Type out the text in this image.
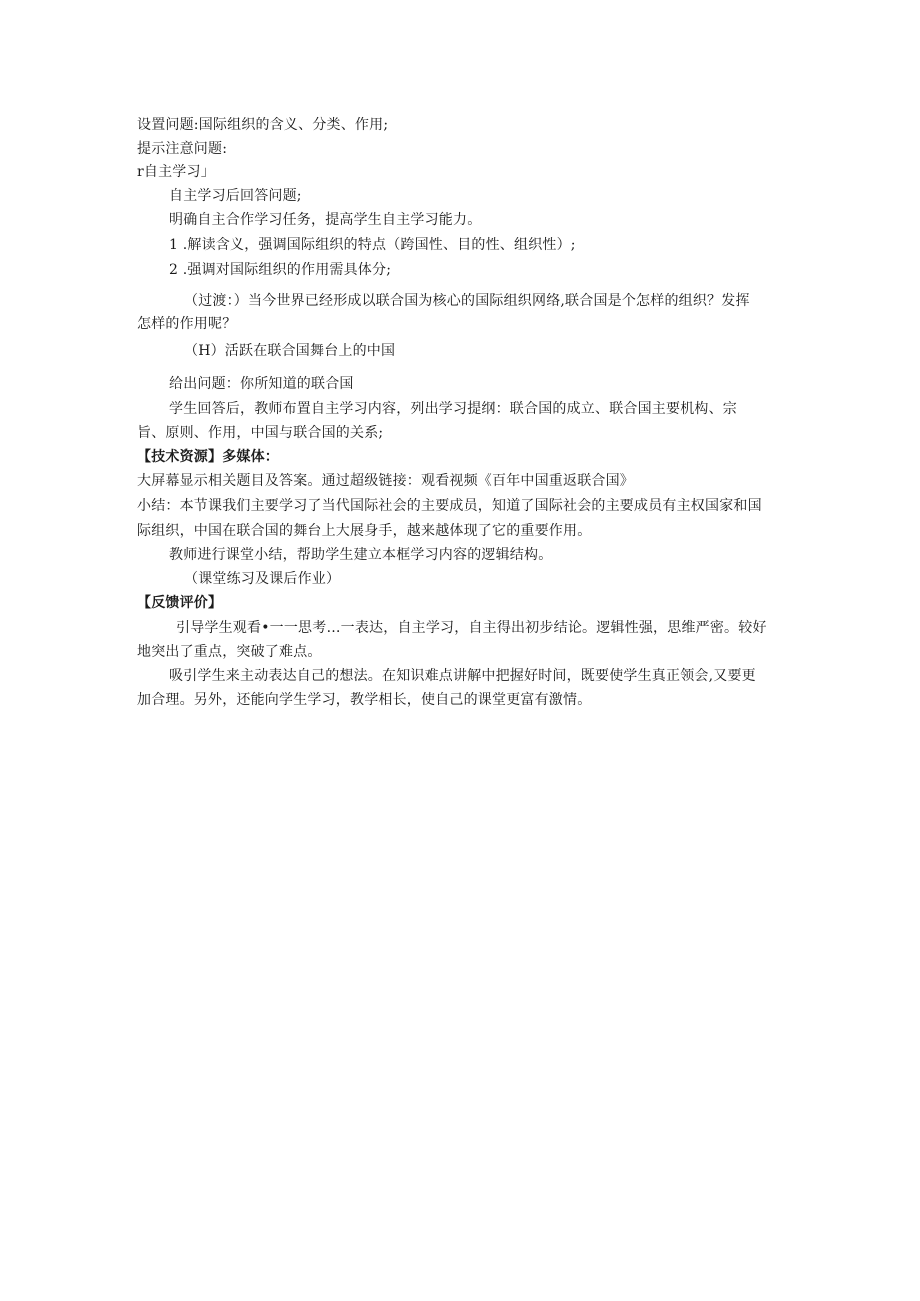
设置问题:国际组织的含义、分类、作用;
提示注意问题:
r自主学习」
自主学习后回答问题;
明确自主合作学习任务，提高学生自主学习能力。
1 .解读含义，强调国际组织的特点（跨国性、目的性、组织性）;
2 .强调对国际组织的作用需具体分;
（过渡：）当今世界已经形成以联合国为核心的国际组织网络,联合国是个怎样的组织？发挥
怎样的作用呢？
（H）活跃在联合国舞台上的中国
给出问题：你所知道的联合国
学生回答后，教师布置自主学习内容，列出学习提纲：联合国的成立、联合国主要机构、宗
旨、原则、作用，中国与联合国的关系;
【技术资源】多媒体：
大屏幕显示相关题目及答案。通过超级链接：观看视频《百年中国重返联合国》
小结：本节课我们主要学习了当代国际社会的主要成员，知道了国际社会的主要成员有主权国家和国
际组织，中国在联合国的舞台上大展身手，越来越体现了它的重要作用。
教师进行课堂小结，帮助学生建立本框学习内容的逻辑结构。
（课堂练习及课后作业）
【反馈评价】
引导学生观看•一一思考…一表达，自主学习，自主得出初步结论。逻辑性强，思维严密。较好
地突出了重点，突破了难点。
吸引学生来主动表达自己的想法。在知识难点讲解中把握好时间，既要使学生真正领会,又要更
加合理。另外，还能向学生学习，教学相长，使自己的课堂更富有激情。
